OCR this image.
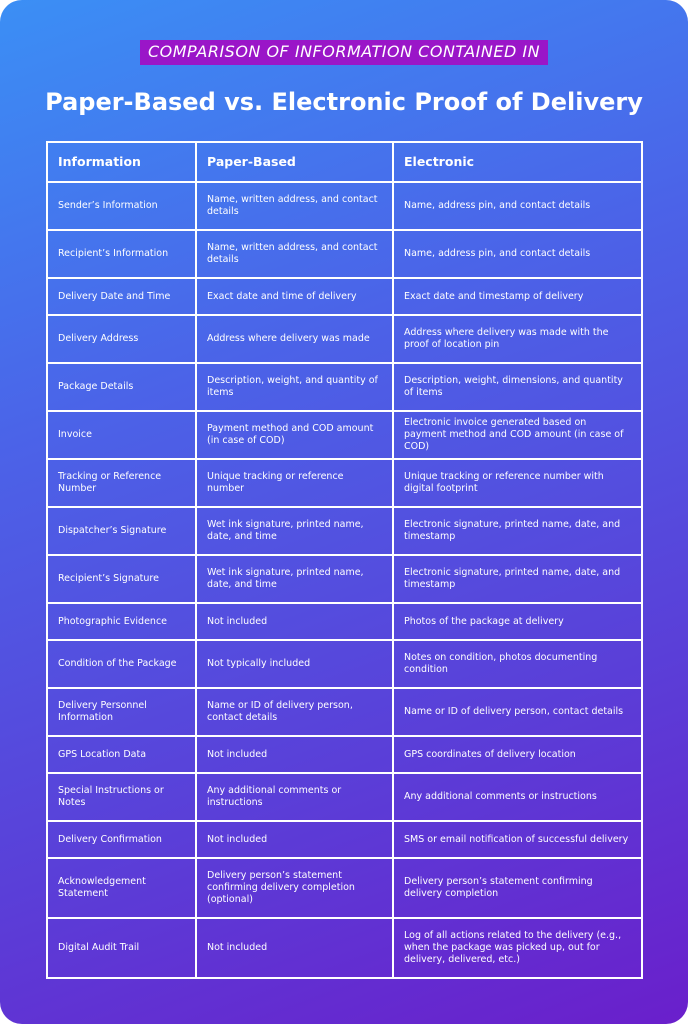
COMPARISON OF INFORMATION CONTAINED IN
Paper-Based vs. Electronic Proof of Delivery
Information	Paper-Based	Electronic
Sender’s Information	Name, written address, and contact details	Name, address pin, and contact details
Recipient’s Information	Name, written address, and contact details	Name, address pin, and contact details
Delivery Date and Time	Exact date and time of delivery	Exact date and timestamp of delivery
Delivery Address	Address where delivery was made	Address where delivery was made with the proof of location pin
Package Details	Description, weight, and quantity of items	Description, weight, dimensions, and quantity of items
Invoice	Payment method and COD amount (in case of COD)	Electronic invoice generated based on payment method and COD amount (in case of COD)
Tracking or Reference Number	Unique tracking or reference number	Unique tracking or reference number with digital footprint
Dispatcher’s Signature	Wet ink signature, printed name, date, and time	Electronic signature, printed name, date, and timestamp
Recipient’s Signature	Wet ink signature, printed name, date, and time	Electronic signature, printed name, date, and timestamp
Photographic Evidence	Not included	Photos of the package at delivery
Condition of the Package	Not typically included	Notes on condition, photos documenting condition
Delivery Personnel Information	Name or ID of delivery person, contact details	Name or ID of delivery person, contact details
GPS Location Data	Not included	GPS coordinates of delivery location
Special Instructions or Notes	Any additional comments or instructions	Any additional comments or instructions
Delivery Confirmation	Not included	SMS or email notification of successful delivery
Acknowledgement Statement	Delivery person’s statement confirming delivery completion (optional)	Delivery person’s statement confirming delivery completion
Digital Audit Trail	Not included	Log of all actions related to the delivery (e.g., when the package was picked up, out for delivery, delivered, etc.)
